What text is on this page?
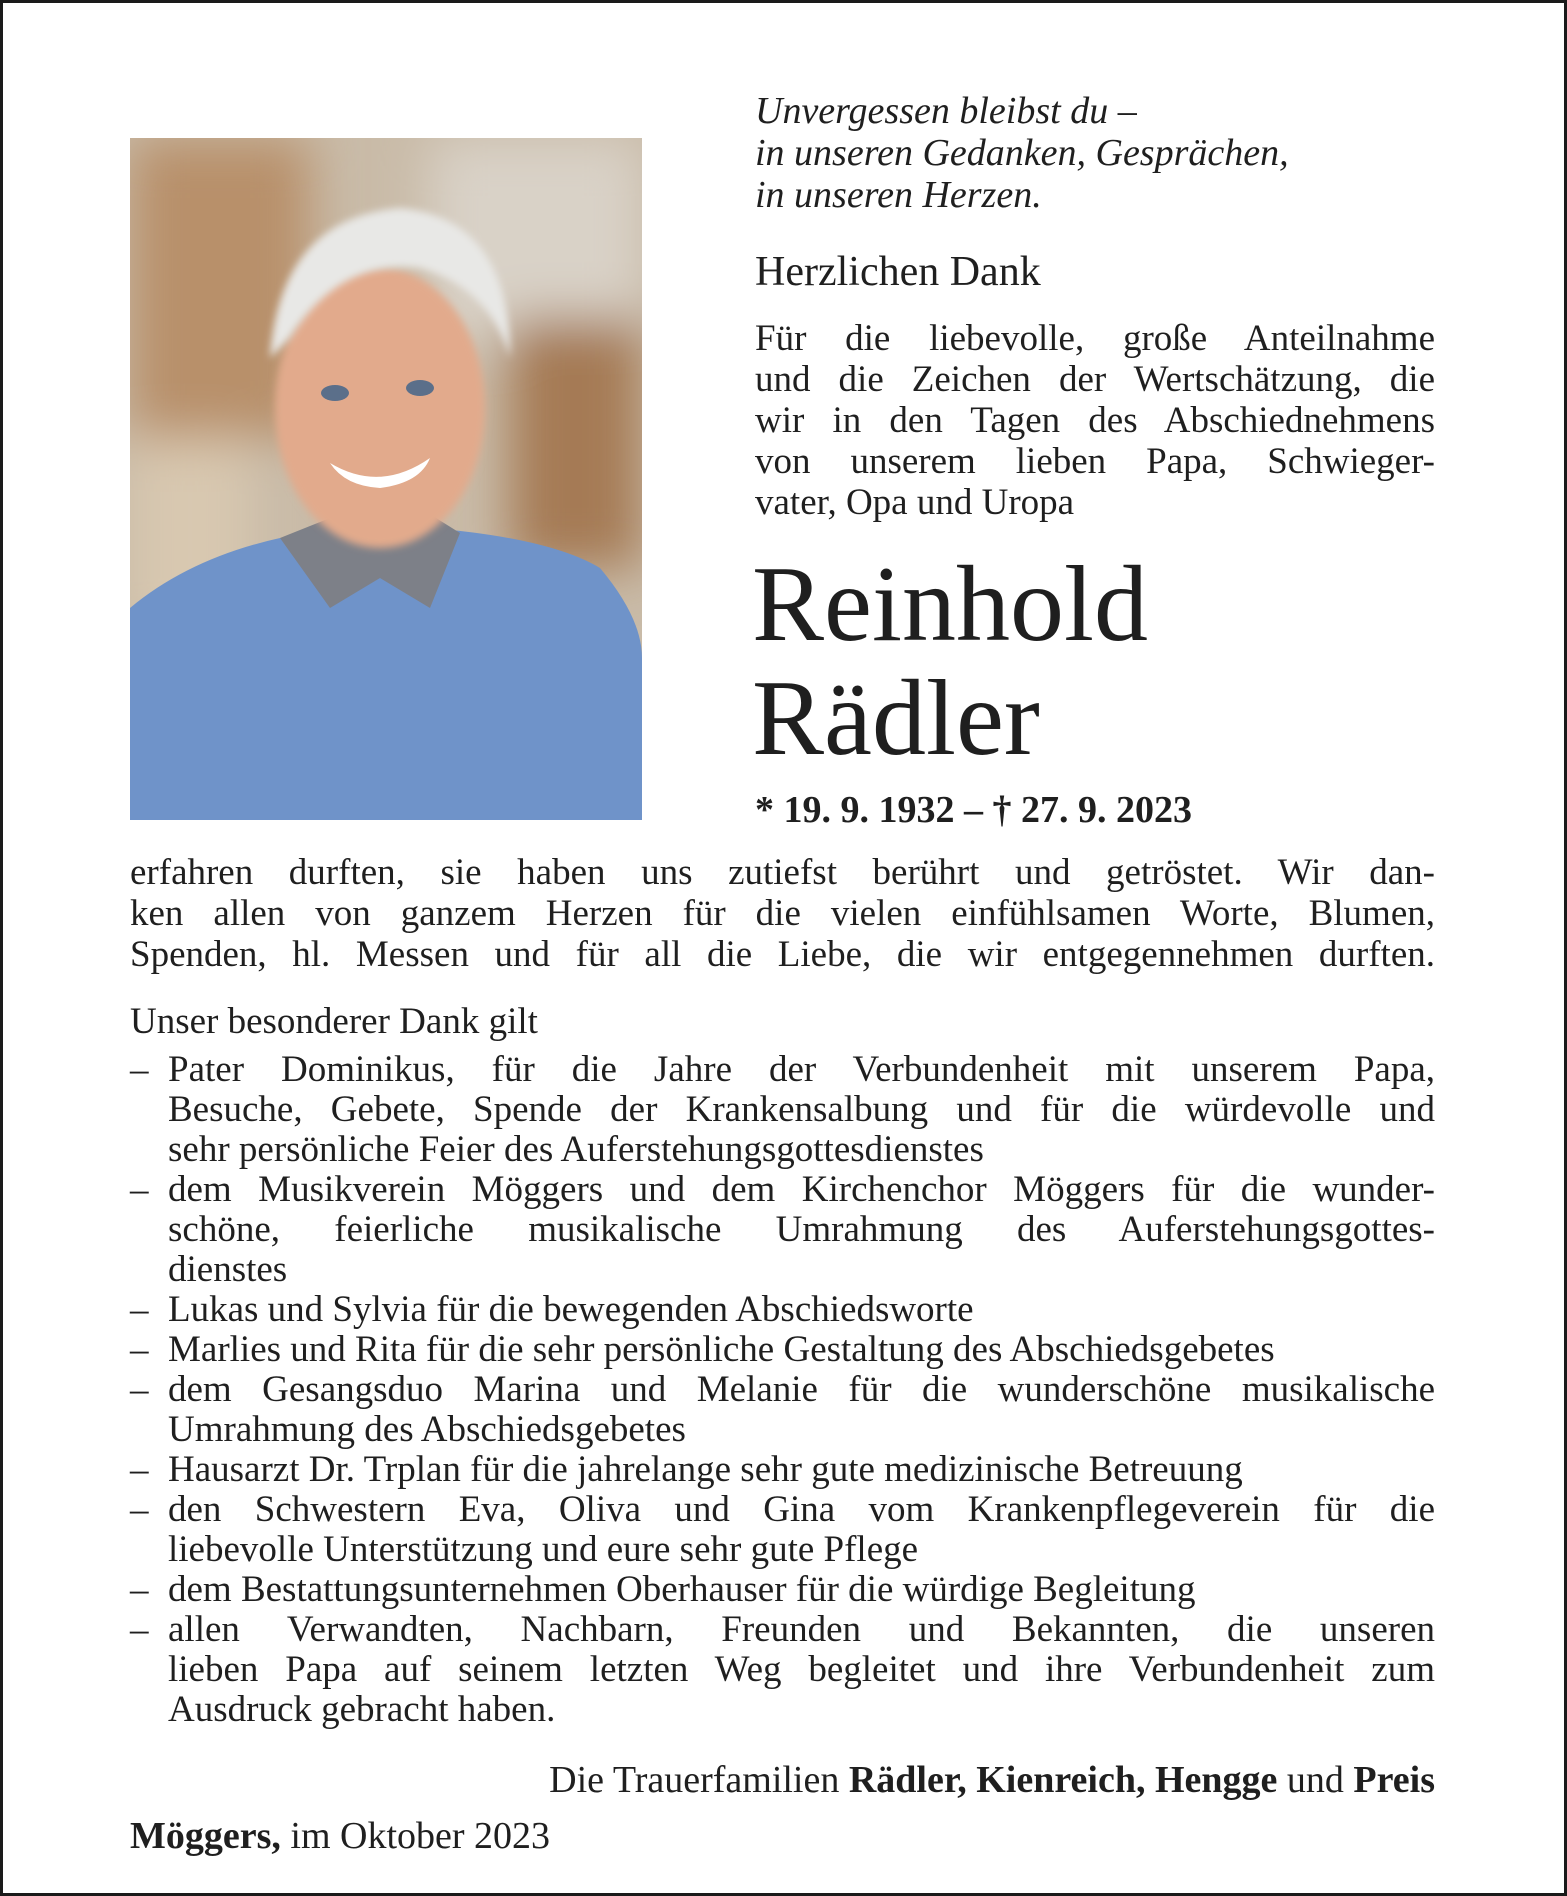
Unvergessen bleibst du –
in unseren Gedanken, Gesprächen,
in unseren Herzen.
Herzlichen Dank
Für die liebevolle, große Anteilnahme
und die Zeichen der Wertschätzung, die
wir in den Tagen des Abschiednehmens
von unserem lieben Papa, Schwieger-
vater, Opa und Uropa
Reinhold
Rädler
* 19. 9. 1932 – † 27. 9. 2023
erfahren durften, sie haben uns zutiefst berührt und getröstet. Wir dan-
ken allen von ganzem Herzen für die vielen einfühlsamen Worte, Blumen,
Spenden, hl. Messen und für all die Liebe, die wir entgegennehmen durften.
Unser besonderer Dank gilt
– Pater Dominikus, für die Jahre der Verbundenheit mit unserem Papa,
Besuche, Gebete, Spende der Krankensalbung und für die würdevolle und
sehr persönliche Feier des Auferstehungsgottesdienstes
– dem Musikverein Möggers und dem Kirchenchor Möggers für die wunder-
schöne, feierliche musikalische Umrahmung des Auferstehungsgottes-
dienstes
– Lukas und Sylvia für die bewegenden Abschiedsworte
– Marlies und Rita für die sehr persönliche Gestaltung des Abschiedsgebetes
– dem Gesangsduo Marina und Melanie für die wunderschöne musikalische
Umrahmung des Abschiedsgebetes
– Hausarzt Dr. Trplan für die jahrelange sehr gute medizinische Betreuung
– den Schwestern Eva, Oliva und Gina vom Krankenpflegeverein für die
liebevolle Unterstützung und eure sehr gute Pflege
– dem Bestattungsunternehmen Oberhauser für die würdige Begleitung
– allen Verwandten, Nachbarn, Freunden und Bekannten, die unseren
lieben Papa auf seinem letzten Weg begleitet und ihre Verbundenheit zum
Ausdruck gebracht haben.
Die Trauerfamilien Rädler, Kienreich, Hengge und Preis
Möggers, im Oktober 2023
